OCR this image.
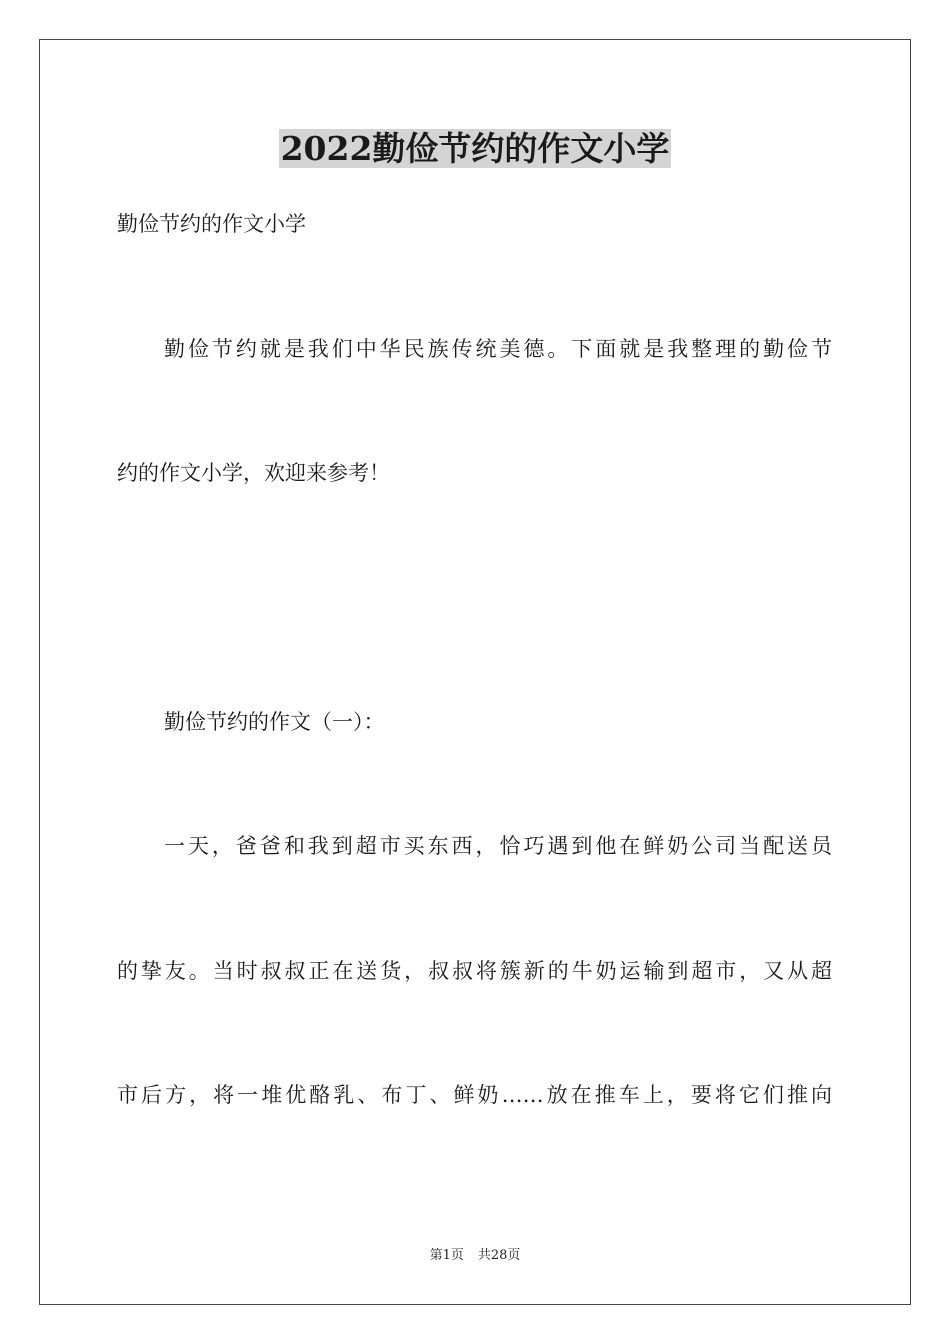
2022勤俭节约的作文小学

勤俭节约的作文小学

勤俭节约就是我们中华民族传统美德。下面就是我整理的勤俭节

约的作文小学，欢迎来参考！

勤俭节约的作文（一）：

一天，爸爸和我到超市买东西，恰巧遇到他在鲜奶公司当配送员

的挚友。当时叔叔正在送货，叔叔将簇新的牛奶运输到超市，又从超

市后方，将一堆优酪乳、布丁、鲜奶……放在推车上，要将它们推向

第1页 共28页
